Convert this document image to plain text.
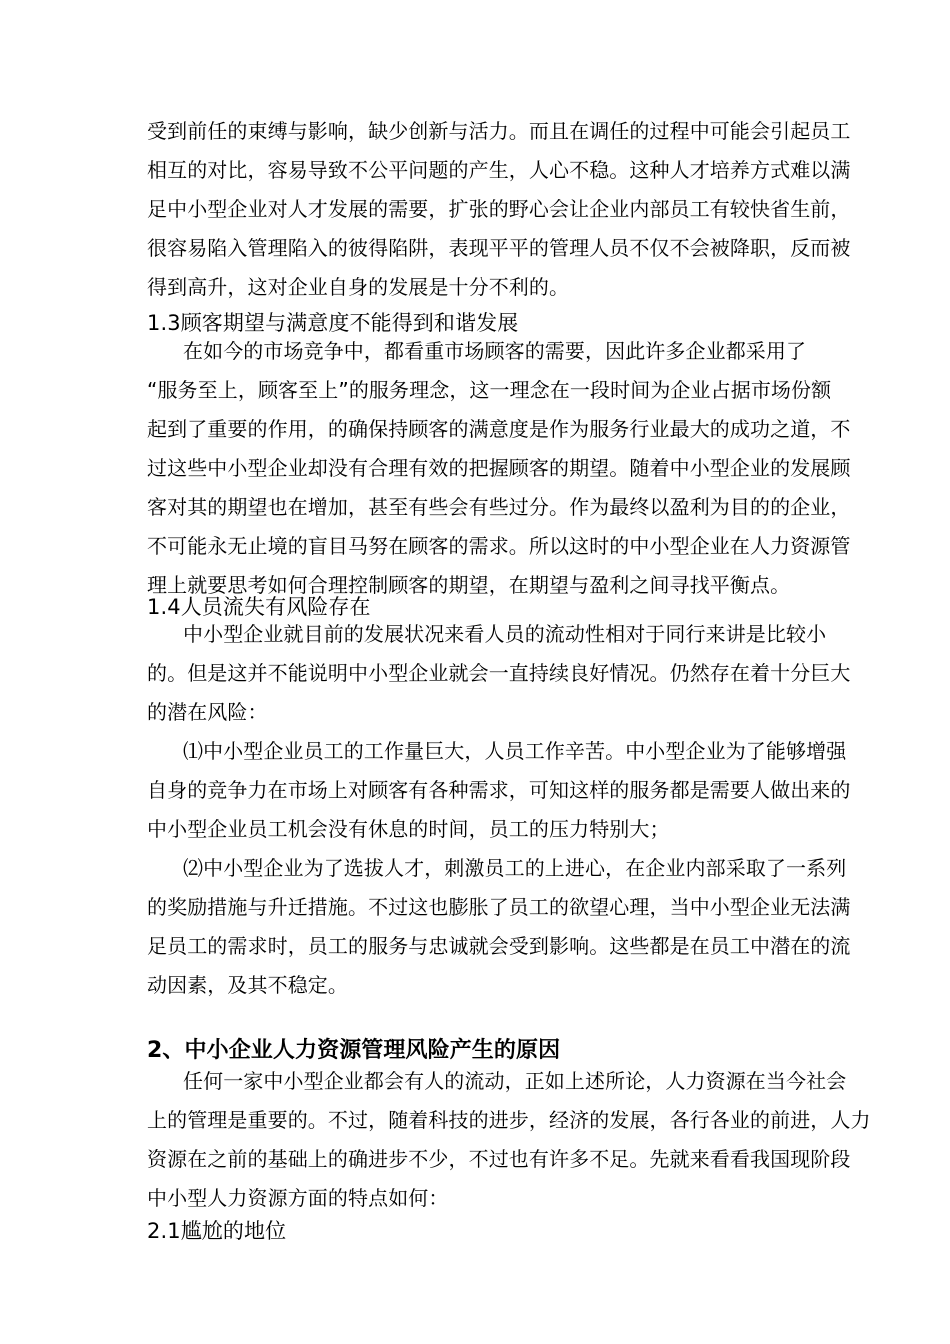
受到前任的束缚与影响，缺少创新与活力。而且在调任的过程中可能会引起员工
相互的对比，容易导致不公平问题的产生，人心不稳。这种人才培养方式难以满
足中小型企业对人才发展的需要，扩张的野心会让企业内部员工有较快省生前，
很容易陷入管理陷入的彼得陷阱，表现平平的管理人员不仅不会被降职，反而被
得到高升，这对企业自身的发展是十分不利的。
1.3顾客期望与满意度不能得到和谐发展
在如今的市场竞争中，都看重市场顾客的需要，因此许多企业都采用了
“服务至上，顾客至上”的服务理念，这一理念在一段时间为企业占据市场份额
起到了重要的作用，的确保持顾客的满意度是作为服务行业最大的成功之道，不
过这些中小型企业却没有合理有效的把握顾客的期望。随着中小型企业的发展顾
客对其的期望也在增加，甚至有些会有些过分。作为最终以盈利为目的的企业，
不可能永无止境的盲目马努在顾客的需求。所以这时的中小型企业在人力资源管
理上就要思考如何合理控制顾客的期望，在期望与盈利之间寻找平衡点。
1.4人员流失有风险存在
中小型企业就目前的发展状况来看人员的流动性相对于同行来讲是比较小
的。但是这并不能说明中小型企业就会一直持续良好情况。仍然存在着十分巨大
的潜在风险：
⑴中小型企业员工的工作量巨大，人员工作辛苦。中小型企业为了能够增强
自身的竞争力在市场上对顾客有各种需求，可知这样的服务都是需要人做出来的
中小型企业员工机会没有休息的时间，员工的压力特别大；
⑵中小型企业为了选拔人才，刺激员工的上进心，在企业内部采取了一系列
的奖励措施与升迁措施。不过这也膨胀了员工的欲望心理，当中小型企业无法满
足员工的需求时，员工的服务与忠诚就会受到影响。这些都是在员工中潜在的流
动因素，及其不稳定。
2、中小企业人力资源管理风险产生的原因
任何一家中小型企业都会有人的流动，正如上述所论，人力资源在当今社会
上的管理是重要的。不过，随着科技的进步，经济的发展，各行各业的前进，人力
资源在之前的基础上的确进步不少，不过也有许多不足。先就来看看我国现阶段
中小型人力资源方面的特点如何：
2.1尴尬的地位
